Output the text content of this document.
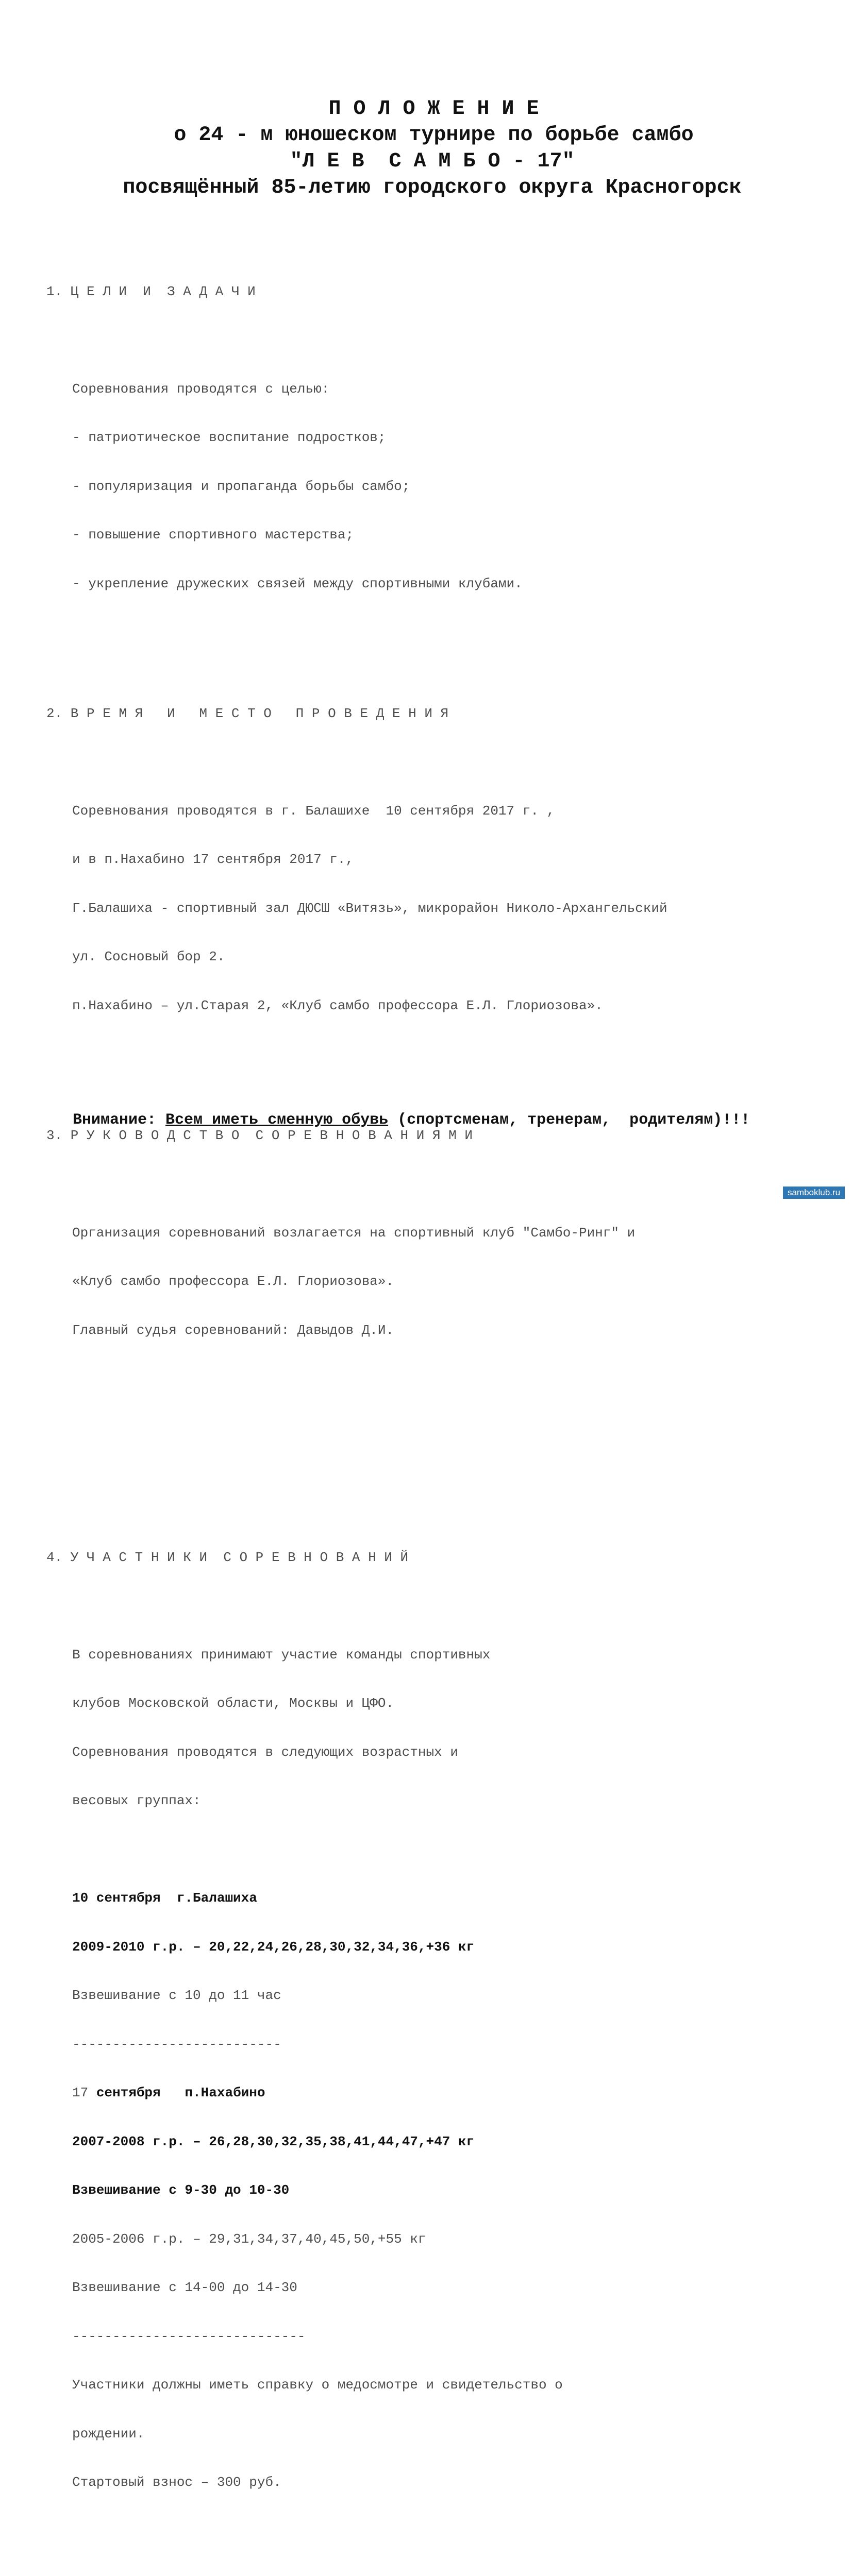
П О Л О Ж Е Н И Е
о 24 - м юношеском турнире по борьбе самбо
"Л Е В  С А М Б О - 17"
посвящённый 85-летию городского округа Красногорск

1. Ц Е Л И  И  З А Д А Ч И

Соревнования проводятся с целью:

- патриотическое воспитание подростков;

- популяризация и пропаганда борьбы самбо;

- повышение спортивного мастерства;

- укрепление дружеских связей между спортивными клубами.

2. В Р Е М Я   И   М Е С Т О   П Р О В Е Д Е Н И Я

Соревнования проводятся в г. Балашихе  10 сентября 2017 г. ,

и в п.Нахабино 17 сентября 2017 г.,

Г.Балашиха - спортивный зал ДЮСШ «Витязь», микрорайон Николо-Архангельский

ул. Сосновый бор 2.

п.Нахабино – ул.Старая 2, «Клуб самбо профессора Е.Л. Глориозова».

3. Р У К О В О Д С Т В О  С О Р Е В Н О В А Н И Я М И

Организация соревнований возлагается на спортивный клуб "Самбо-Ринг" и

«Клуб самбо профессора Е.Л. Глориозова».

Главный судья соревнований: Давыдов Д.И.

4. У Ч А С Т Н И К И  С О Р Е В Н О В А Н И Й

В соревнованиях принимают участие команды спортивных

клубов Московской области, Москвы и ЦФО.

Соревнования проводятся в следующих возрастных и

весовых группах:

10 сентября  г.Балашиха

2009-2010 г.р. – 20,22,24,26,28,30,32,34,36,+36 кг

Взвешивание с 10 до 11 час

--------------------------

17 сентября   п.Нахабино

2007-2008 г.р. – 26,28,30,32,35,38,41,44,47,+47 кг

Взвешивание с 9-30 до 10-30

2005-2006 г.р. – 29,31,34,37,40,45,50,+55 кг

Взвешивание с 14-00 до 14-30

-----------------------------

Участники должны иметь справку о медосмотре и свидетельство о

рождении.

Стартовый взнос – 300 руб.

Внимание: Всем иметь сменную обувь (спортсменам, тренерам,  родителям)!!!
samboklub.ru
